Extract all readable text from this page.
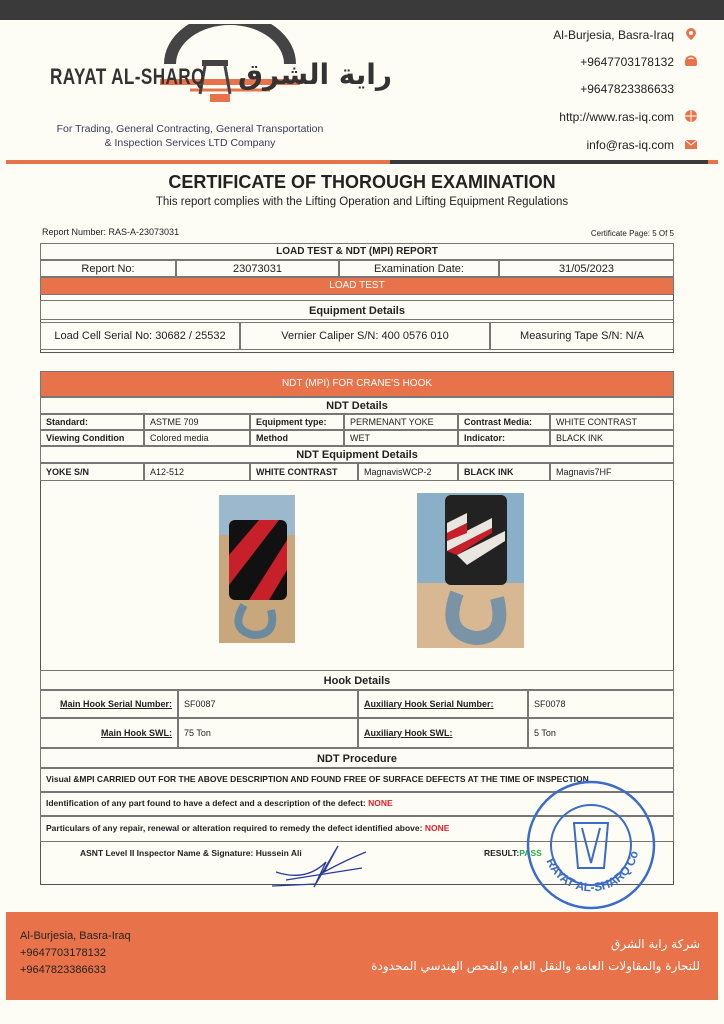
RAYAT AL-SHARQ راية الشرق
For Trading, General Contracting, General Transportation
& Inspection Services LTD Company
Al-Burjesia, Basra-Iraq
+9647703178132
+9647823386633
http://www.ras-iq.com
info@ras-iq.com
CERTIFICATE OF THOROUGH EXAMINATION
This report complies with the Lifting Operation and Lifting Equipment Regulations
Report Number: RAS-A-23073031	Certificate Page: 5 Of 5
LOAD TEST & NDT (MPI) REPORT
Report No:	23073031	Examination Date:	31/05/2023
LOAD TEST
Equipment Details
Load Cell Serial No: 30682 / 25532	Vernier Caliper S/N: 400 0576 010	Measuring Tape S/N: N/A
NDT (MPI) FOR CRANE'S HOOK
NDT Details
Standard:	ASTME 709	Equipment type:	PERMENANT YOKE	Contrast Media:	WHITE CONTRAST
Viewing Condition	Colored media	Method	WET	Indicator:	BLACK INK
NDT Equipment Details
YOKE S/N	A12-512	WHITE CONTRAST	MagnavisWCP-2	BLACK INK	Magnavis7HF
Hook Details
Main Hook Serial Number:	SF0087	Auxiliary Hook Serial Number:	SF0078
Main Hook SWL:	75 Ton	Auxiliary Hook SWL:	5 Ton
NDT Procedure
Visual &MPI CARRIED OUT FOR THE ABOVE DESCRIPTION AND FOUND FREE OF SURFACE DEFECTS AT THE TIME OF INSPECTION
Identification of any part found to have a defect and a description of the defect: NONE
Particulars of any repair, renewal or alteration required to remedy the defect identified above: NONE
ASNT Level II Inspector Name & Signature: Hussein Ali	RESULT:PASS
RAYAT AL-SHARQ Co
Al-Burjesia, Basra-Iraq
+9647703178132
+9647823386633
شركة راية الشرق
للتجارة والمقاولات العامة والنقل العام والفحص الهندسي المحدودة
